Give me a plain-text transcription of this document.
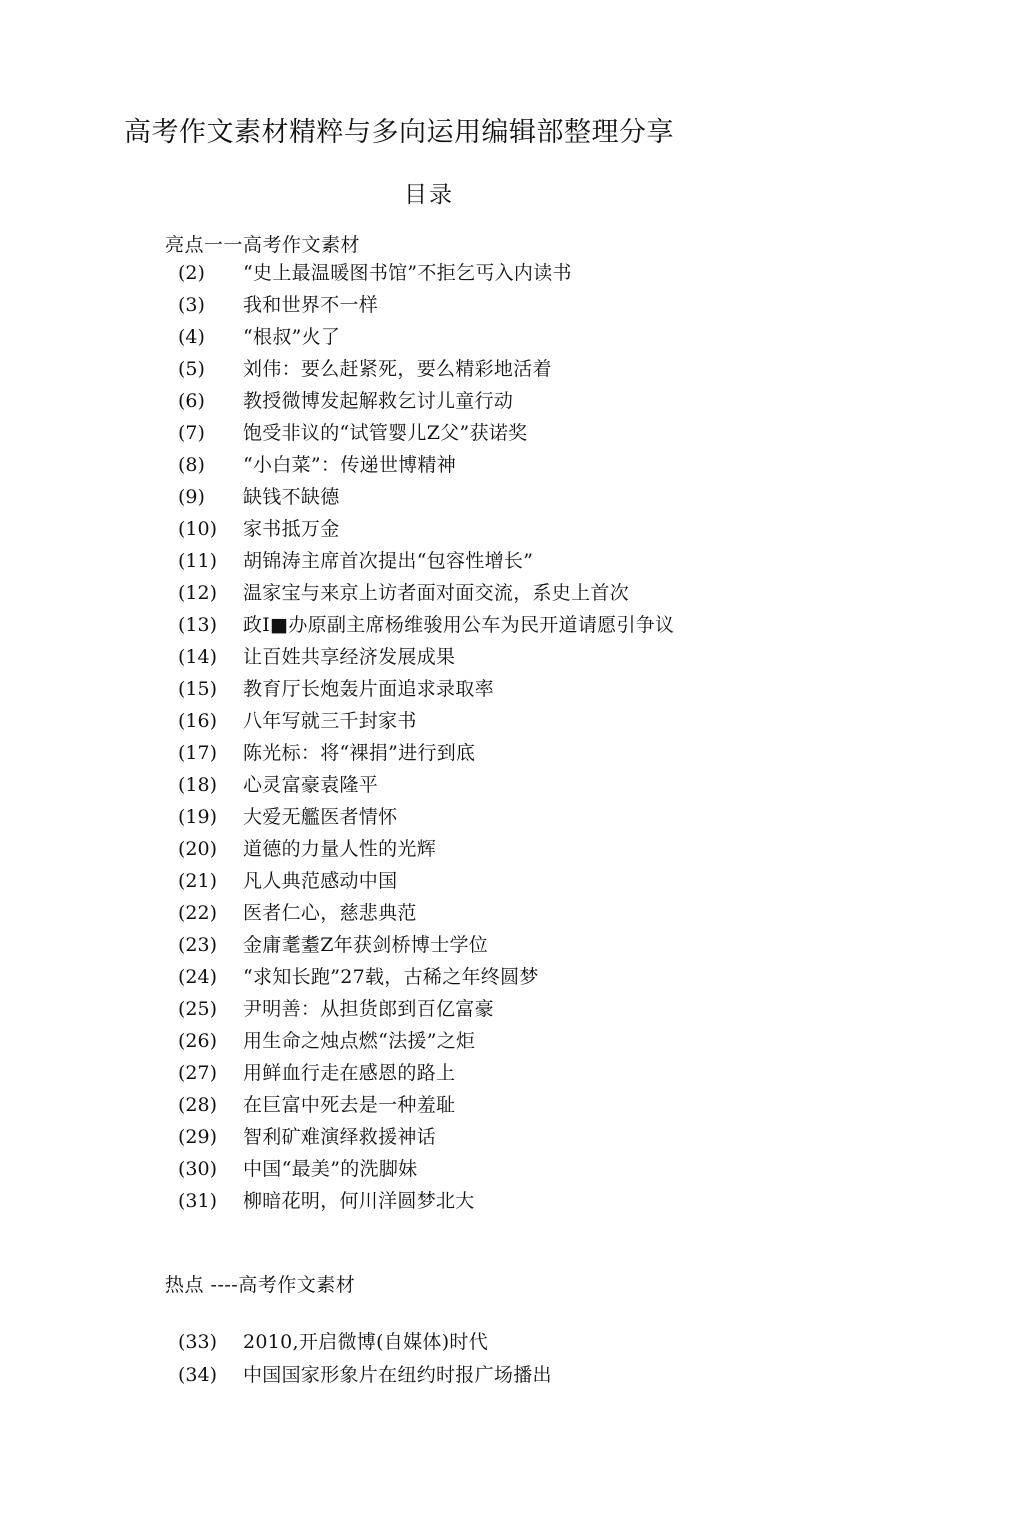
高考作文素材精粹与多向运用编辑部整理分享
目录
亮点一一高考作文素材
(2) “史上最温暖图书馆”不拒乞丐入内读书
(3) 我和世界不一样
(4) “根叔”火了
(5) 刘伟：要么赶紧死，要么精彩地活着
(6) 教授微博发起解救乞讨儿童行动
(7) 饱受非议的“试管婴儿Z父”获诺奖
(8) “小白菜”：传递世博精神
(9) 缺钱不缺德
(10) 家书抵万金
(11) 胡锦涛主席首次提出“包容性增长”
(12) 温家宝与来京上访者面对面交流，系史上首次
(13) 政I■办原副主席杨维骏用公车为民开道请愿引争议
(14) 让百姓共享经济发展成果
(15) 教育厅长炮轰片面追求录取率
(16) 八年写就三千封家书
(17) 陈光标：将“裸捐”进行到底
(18) 心灵富豪袁隆平
(19) 大爱无艦医者情怀
(20) 道德的力量人性的光辉
(21) 凡人典范感动中国
(22) 医者仁心，慈悲典范
(23) 金庸耄耋Z年获剑桥博士学位
(24) “求知长跑”27载，古稀之年终圆梦
(25) 尹明善：从担货郎到百亿富豪
(26) 用生命之烛点燃“法援”之炬
(27) 用鲜血行走在感恩的路上
(28) 在巨富中死去是一种羞耻
(29) 智利矿难演绎救援神话
(30) 中国“最美”的洗脚妹
(31) 柳暗花明，何川洋圆梦北大
热点 ----高考作文素材
(33) 2010,开启微博(自媒体)时代
(34) 中国国家形象片在纽约时报广场播出
